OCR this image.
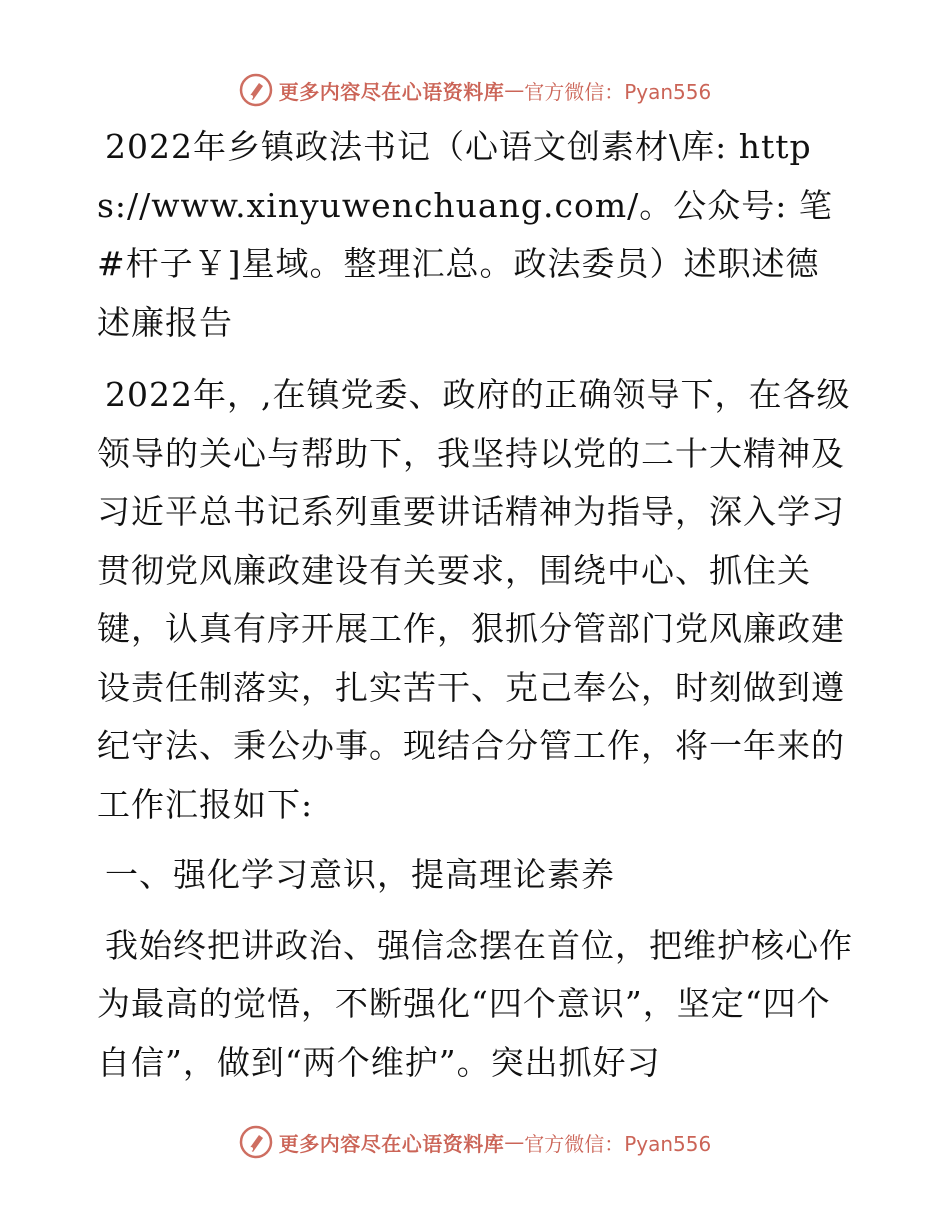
更多内容尽在心语资料库 — 官方微信：Pyan556

2022年乡镇政法书记（心语文创素材\库: https://www.xinyuwenchuang.com/。公众号: 笔#杆子￥]星域。整理汇总。政法委员）述职述德述廉报告

2022年，,在镇党委、政府的正确领导下，在各级领导的关心与帮助下，我坚持以党的二十大精神及习近平总书记系列重要讲话精神为指导，深入学习贯彻党风廉政建设有关要求，围绕中心、抓住关键，认真有序开展工作，狠抓分管部门党风廉政建设责任制落实，扎实苦干、克己奉公，时刻做到遵纪守法、秉公办事。现结合分管工作，将一年来的工作汇报如下:

一、强化学习意识，提高理论素养

我始终把讲政治、强信念摆在首位，把维护核心作为最高的觉悟，不断强化“四个意识”，坚定“四个自信”，做到“两个维护”。突出抓好习

更多内容尽在心语资料库 — 官方微信：Pyan556
